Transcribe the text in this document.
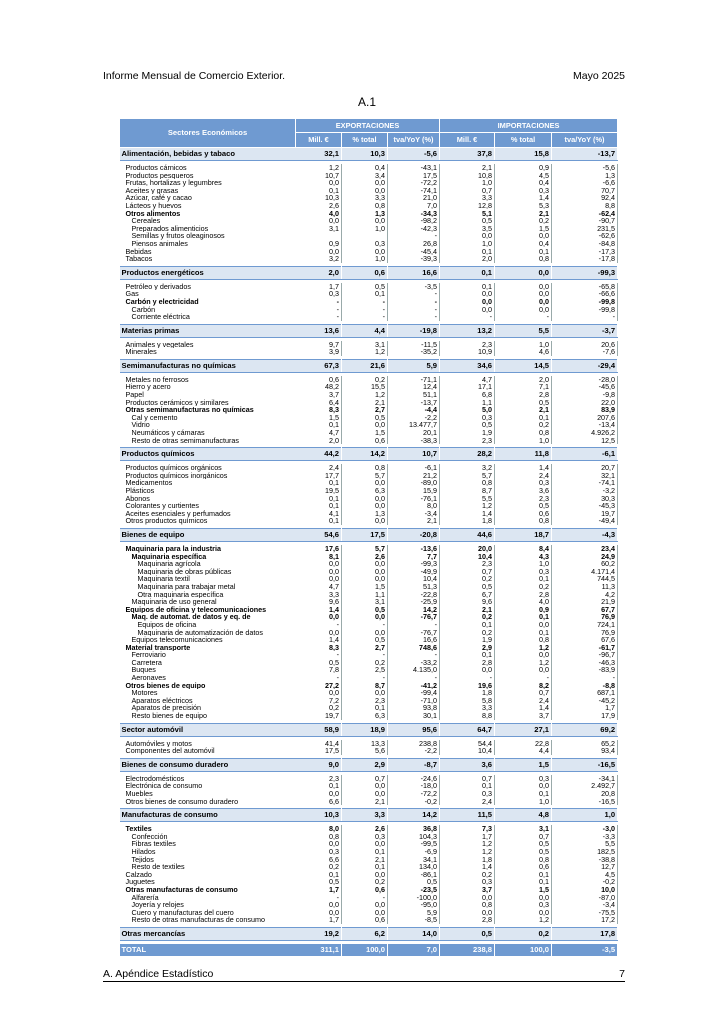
Informe Mensual de Comercio Exterior.	Mayo 2025
A.1
Sectores Económicos	EXPORTACIONES			IMPORTACIONES		
	Mill. €	% total	tva/YoY (%)	Mill. €	% total	tva/YoY (%)
Alimentación, bebidas y tabaco	32,1	10,3	-5,6	37,8	15,8	-13,7

Productos cárnicos	1,2	0,4	-43,1	2,1	0,9	-5,6
Productos pesqueros	10,7	3,4	17,5	10,8	4,5	1,3
Frutas, hortalizas y legumbres	0,0	0,0	-72,2	1,0	0,4	-6,6
Aceites y grasas	0,1	0,0	-74,1	0,7	0,3	70,7
Azúcar, café y cacao	10,3	3,3	21,0	3,3	1,4	92,4
Lácteos y huevos	2,6	0,8	7,0	12,8	5,3	8,8
Otros alimentos	4,0	1,3	-34,3	5,1	2,1	-62,4
Cereales	0,0	0,0	-98,2	0,5	0,2	-90,7
Preparados alimenticios	3,1	1,0	-42,3	3,5	1,5	231,5
Semillas y frutos oleaginosos			-	0,0	0,0	-62,6
Piensos animales	0,9	0,3	26,8	1,0	0,4	-84,8
Bebidas	0,0	0,0	-45,4	0,1	0,1	-17,3
Tabacos	3,2	1,0	-39,3	2,0	0,8	-17,8

Productos energéticos	2,0	0,6	16,6	0,1	0,0	-99,3

Petróleo y derivados	1,7	0,5	-3,5	0,1	0,0	-65,8
Gas	0,3	0,1	-	0,0	0,0	-66,6
Carbón y electricidad	-	-	-	0,0	0,0	-99,8
Carbón	-	-	-	0,0	0,0	-99,8
Corriente eléctrica	-	-	-	-	-	-

Materias primas	13,6	4,4	-19,8	13,2	5,5	-3,7

Animales y vegetales	9,7	3,1	-11,5	2,3	1,0	20,6
Minerales	3,9	1,2	-35,2	10,9	4,6	-7,6

Semimanufacturas no químicas	67,3	21,6	5,9	34,6	14,5	-29,4

Metales no ferrosos	0,6	0,2	-71,1	4,7	2,0	-28,0
Hierro y acero	48,2	15,5	12,4	17,1	7,1	-45,6
Papel	3,7	1,2	51,1	6,8	2,8	-9,8
Productos cerámicos y similares	6,4	2,1	-13,7	1,1	0,5	22,0
Otras semimanufacturas no químicas	8,3	2,7	-4,4	5,0	2,1	83,9
Cal y cemento	1,5	0,5	-2,2	0,3	0,1	207,6
Vidrio	0,1	0,0	13.477,7	0,5	0,2	-13,4
Neumáticos y cámaras	4,7	1,5	20,1	1,9	0,8	4.926,2
Resto de otras semimanufacturas	2,0	0,6	-38,3	2,3	1,0	12,5

Productos químicos	44,2	14,2	10,7	28,2	11,8	-6,1

Productos químicos orgánicos	2,4	0,8	-6,1	3,2	1,4	20,7
Productos químicos inorgánicos	17,7	5,7	21,2	5,7	2,4	32,1
Medicamentos	0,1	0,0	-89,0	0,8	0,3	-74,1
Plásticos	19,5	6,3	15,9	8,7	3,6	-3,2
Abonos	0,1	0,0	-76,1	5,5	2,3	30,3
Colorantes y curtientes	0,1	0,0	8,0	1,2	0,5	-45,3
Aceites esenciales y perfumados	4,1	1,3	-3,4	1,4	0,6	19,7
Otros productos químicos	0,1	0,0	2,1	1,8	0,8	-49,4

Bienes de equipo	54,6	17,5	-20,8	44,6	18,7	-4,3

Maquinaria para la industria	17,6	5,7	-13,6	20,0	8,4	23,4
Maquinaria específica	8,1	2,6	7,7	10,4	4,3	24,9
Maquinaria agrícola	0,0	0,0	-99,3	2,3	1,0	60,2
Maquinaria de obras públicas	0,0	0,0	-49,9	0,7	0,3	4.171,4
Maquinaria textil	0,0	0,0	10,4	0,2	0,1	744,5
Maquinaria para trabajar metal	4,7	1,5	51,3	0,5	0,2	11,3
Otra maquinaria específica	3,3	1,1	-22,8	6,7	2,8	4,2
Maquinaria de uso general	9,6	3,1	-25,9	9,6	4,0	21,9
Equipos de oficina y telecomunicaciones	1,4	0,5	14,2	2,1	0,9	67,7
Maq. de automat. de datos y eq. de	0,0	0,0	-76,7	0,2	0,1	76,9
Equipos de oficina	-	-	-	0,1	0,0	724,1
Maquinaria de automatización de datos	0,0	0,0	-76,7	0,2	0,1	76,9
Equipos telecomunicaciones	1,4	0,5	16,6	1,9	0,8	67,6
Material transporte	8,3	2,7	748,6	2,9	1,2	-61,7
Ferroviario	-	-	-	0,1	0,0	-96,7
Carretera	0,5	0,2	-33,2	2,8	1,2	-46,3
Buques	7,8	2,5	4.135,0	0,0	0,0	-83,9
Aeronaves	-	-	-	-	-	-
Otros bienes de equipo	27,2	8,7	-41,2	19,6	8,2	-8,8
Motores	0,0	0,0	-99,4	1,8	0,7	687,1
Aparatos eléctricos	7,2	2,3	-71,0	5,8	2,4	-45,2
Aparatos de precisión	0,2	0,1	93,8	3,3	1,4	1,7
Resto bienes de equipo	19,7	6,3	30,1	8,8	3,7	17,9

Sector automóvil	58,9	18,9	95,6	64,7	27,1	69,2

Automóviles y motos	41,4	13,3	238,8	54,4	22,8	65,2
Componentes del automóvil	17,5	5,6	-2,2	10,4	4,4	93,4

Bienes de consumo duradero	9,0	2,9	-8,7	3,6	1,5	-16,5

Electrodomésticos	2,3	0,7	-24,6	0,7	0,3	-34,1
Electrónica de consumo	0,1	0,0	-18,0	0,1	0,0	2.492,7
Muebles	0,0	0,0	-72,2	0,3	0,1	20,8
Otros bienes de consumo duradero	6,6	2,1	-0,2	2,4	1,0	-16,5

Manufacturas de consumo	10,3	3,3	14,2	11,5	4,8	1,0

Textiles	8,0	2,6	36,8	7,3	3,1	-3,0
Confección	0,8	0,3	104,3	1,7	0,7	-3,3
Fibras textiles	0,0	0,0	-99,5	1,2	0,5	5,5
Hilados	0,3	0,1	-6,9	1,2	0,5	182,5
Tejidos	6,6	2,1	34,1	1,8	0,8	-38,8
Resto de textiles	0,2	0,1	134,0	1,4	0,6	12,7
Calzado	0,1	0,0	-86,1	0,2	0,1	4,5
Juguetes	0,5	0,2	0,5	0,3	0,1	-0,2
Otras manufacturas de consumo	1,7	0,6	-23,5	3,7	1,5	10,0
Alfarería	-	-	-100,0	0,0	0,0	-87,0
Joyería y relojes	0,0	0,0	-95,0	0,8	0,3	-3,4
Cuero y manufacturas del cuero	0,0	0,0	5,9	0,0	0,0	-75,5
Resto de otras manufacturas de consumo	1,7	0,6	-8,5	2,8	1,2	17,2

Otras mercancías	19,2	6,2	14,0	0,5	0,2	17,8

TOTAL	311,1	100,0	7,0	238,8	100,0	-3,5
A. Apéndice Estadístico	7
